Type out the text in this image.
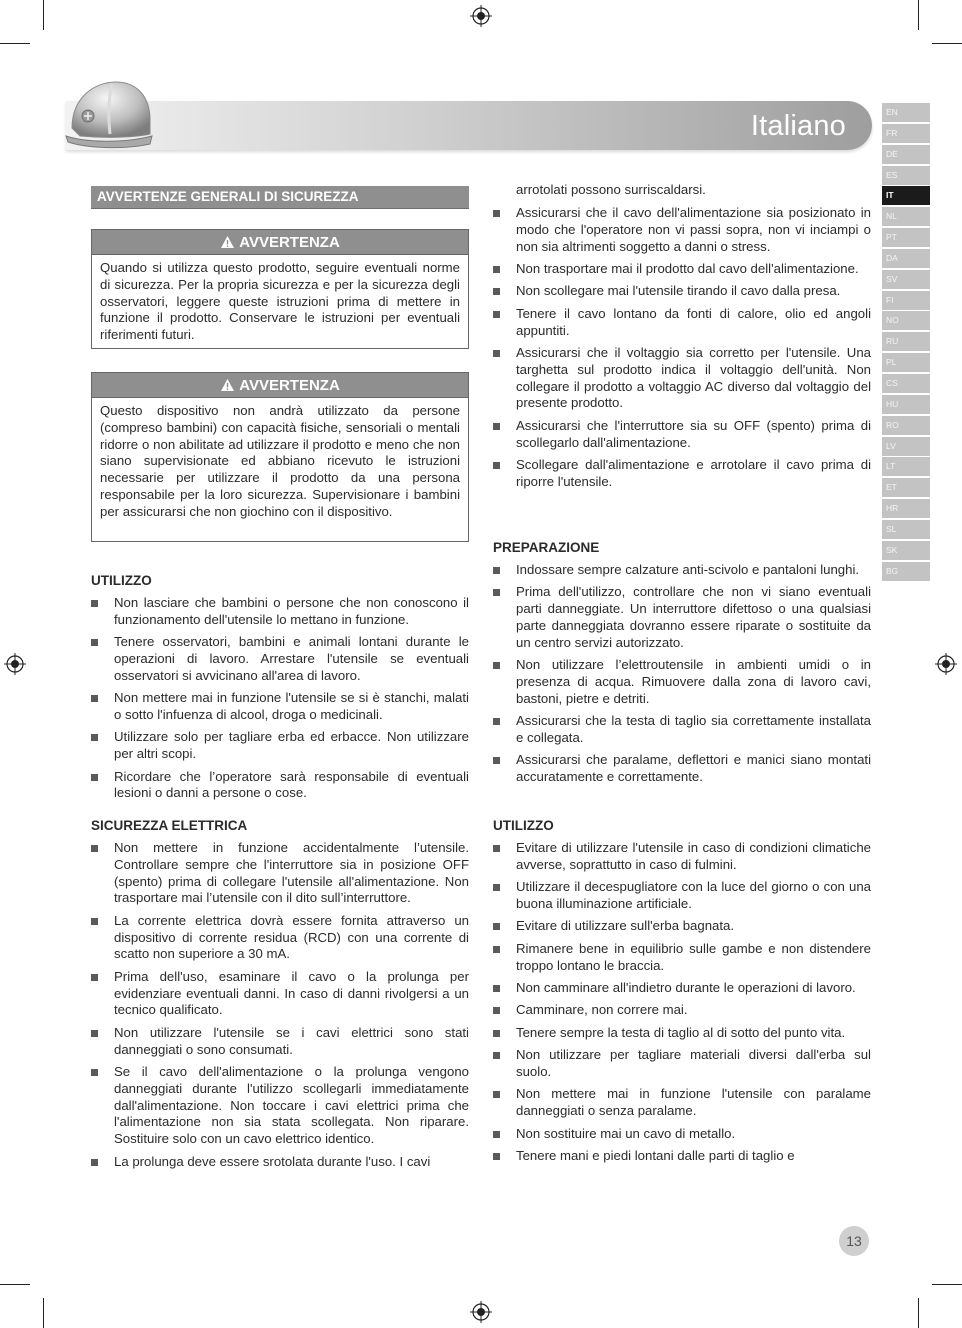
Italiano	EN
FR
DE
ES
IT
NL
PT
DA
SV
FI
NO
RU
PL
CS
HU
RO
LV
LT
ET
HR
SL
SK
BG
AVVERTENZE GENERALI DI SICUREZZA
AVVERTENZA
Quando si utilizza questo prodotto, seguire eventuali norme di sicurezza. Per la propria sicurezza e per la sicurezza degli osservatori, leggere queste istruzioni prima di mettere in funzione il prodotto. Conservare le istruzioni per eventuali riferimenti futuri.
AVVERTENZA
Questo dispositivo non andrà utilizzato da persone (compreso bambini) con capacità fisiche, sensoriali o mentali ridorre o non abilitate ad utilizzare il prodotto e meno che non siano supervisionate ed abbiano ricevuto le istruzioni necessarie per utilizzare il prodotto da una persona responsabile per la loro sicurezza. Supervisionare i bambini per assicurarsi che non giochino con il dispositivo.
UTILIZZO
Non lasciare che bambini o persone che non conoscono il funzionamento dell'utensile lo mettano in funzione.
Tenere osservatori, bambini e animali lontani durante le operazioni di lavoro. Arrestare l'utensile se eventuali osservatori si avvicinano all'area di lavoro.
Non mettere mai in funzione l'utensile se si è stanchi, malati o sotto l'infuenza di alcool, droga o medicinali.
Utilizzare solo per tagliare erba ed erbacce. Non utilizzare per altri scopi.
Ricordare che l’operatore sarà responsabile di eventuali lesioni o danni a persone o cose.
SICUREZZA ELETTRICA
Non mettere in funzione accidentalmente l’utensile. Controllare sempre che l'interruttore sia in posizione OFF (spento) prima di collegare l'utensile all'alimentazione. Non trasportare mai l’utensile con il dito sull’interruttore.
La corrente elettrica dovrà essere fornita attraverso un dispositivo di corrente residua (RCD) con una corrente di scatto non superiore a 30 mA.
Prima dell'uso, esaminare il cavo o la prolunga per evidenziare eventuali danni. In caso di danni rivolgersi a un tecnico qualificato.
Non utilizzare l'utensile se i cavi elettrici sono stati danneggiati o sono consumati.
Se il cavo dell'alimentazione o la prolunga vengono danneggiati durante l'utilizzo scollegarli immediatamente dall'alimentazione. Non toccare i cavi elettrici prima che l'alimentazione non sia stata scollegata. Non riparare. Sostituire solo con un cavo elettrico identico.
La prolunga deve essere srotolata durante l'uso. I cavi
arrotolati possono surriscaldarsi.
Assicurarsi che il cavo dell'alimentazione sia posizionato in modo che l'operatore non vi passi sopra, non vi inciampi o non sia altrimenti soggetto a danni o stress.
Non trasportare mai il prodotto dal cavo dell'alimentazione.
Non scollegare mai l'utensile tirando il cavo dalla presa.
Tenere il cavo lontano da fonti di calore, olio ed angoli appuntiti.
Assicurarsi che il voltaggio sia corretto per l'utensile. Una targhetta sul prodotto indica il voltaggio dell'unità. Non collegare il prodotto a voltaggio AC diverso dal voltaggio del presente prodotto.
Assicurarsi che l'interruttore sia su OFF (spento) prima di scollegarlo dall'alimentazione.
Scollegare dall'alimentazione e arrotolare il cavo prima di riporre l'utensile.
PREPARAZIONE
Indossare sempre calzature anti-scivolo e pantaloni lunghi.
Prima dell'utilizzo, controllare che non vi siano eventuali parti danneggiate. Un interruttore difettoso o una qualsiasi parte danneggiata dovranno essere riparate o sostituite da un centro servizi autorizzato.
Non utilizzare l’elettroutensile in ambienti umidi o in presenza di acqua. Rimuovere dalla zona di lavoro cavi, bastoni, pietre e detriti.
Assicurarsi che la testa di taglio sia correttamente installata e collegata.
Assicurarsi che paralame, deflettori e manici siano montati accuratamente e correttamente.
UTILIZZO
Evitare di utilizzare l'utensile in caso di condizioni climatiche avverse, soprattutto in caso di fulmini.
Utilizzare il decespugliatore con la luce del giorno o con una buona illuminazione artificiale.
Evitare di utilizzare sull'erba bagnata.
Rimanere bene in equilibrio sulle gambe e non distendere troppo lontano le braccia.
Non camminare all'indietro durante le operazioni di lavoro.
Camminare, non correre mai.
Tenere sempre la testa di taglio al di sotto del punto vita.
Non utilizzare per tagliare materiali diversi dall'erba sul suolo.
Non mettere mai in funzione l'utensile con paralame danneggiati o senza paralame.
Non sostituire mai un cavo di metallo.
Tenere mani e piedi lontani dalle parti di taglio e
13
